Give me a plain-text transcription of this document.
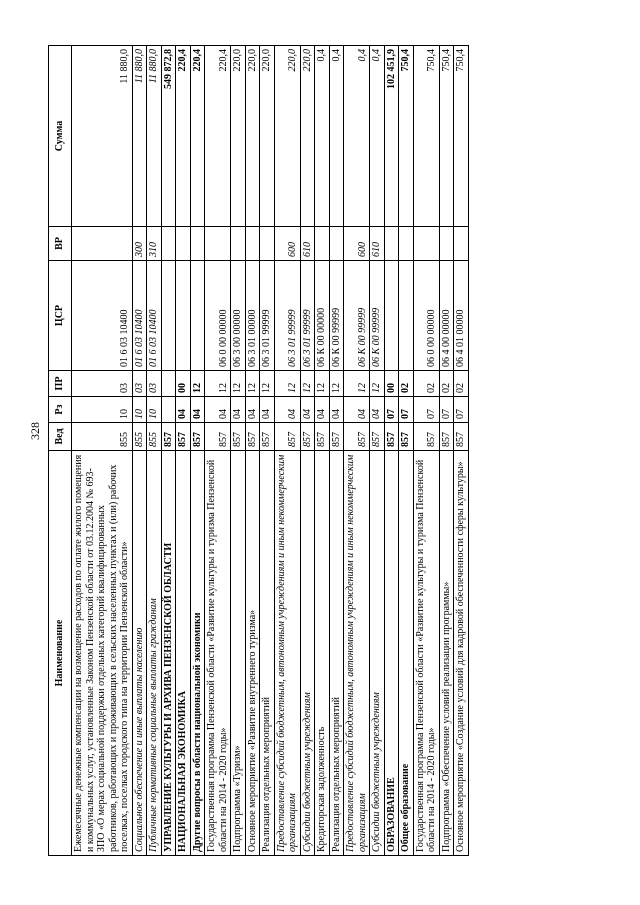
328
Наименование	Вед	Рз	ПР	ЦСР	ВР	Сумма
Ежемесячные денежные компенсации на возмещение расходов по оплате жилого помещения и коммунальных услуг, установленные Законом Пензенской области от 03.12.2004 № 693-ЗПО «О мерах социальной поддержки отдельных категорий квалифицированных работников, работающих и проживающих в сельских населенных пунктах и (или) рабочих поселках, поселках городского типа на территории Пензенской области»	855	10	03	01 6 03 10400		11 880,0
Социальное обеспечение и иные выплаты населению	855	10	03	01 6 03 10400	300	11 880,0
Публичные нормативные социальные выплаты гражданам	855	10	03	01 6 03 10400	310	11 880,0
УПРАВЛЕНИЕ КУЛЬТУРЫ И АРХИВА ПЕНЗЕНСКОЙ ОБЛАСТИ	857					549 872,8
НАЦИОНАЛЬНАЯ ЭКОНОМИКА	857	04	00			220,4
Другие вопросы в области национальной экономики	857	04	12			220,4
Государственная программа Пензенской области «Развитие культуры и туризма Пензенской области на 2014 - 2020 годы»	857	04	12	06 0 00 00000		220,4
Подпрограмма «Туризм»	857	04	12	06 3 00 00000		220,0
Основное мероприятие «Развитие внутреннего туризма»	857	04	12	06 3 01 00000		220,0
Реализация отдельных мероприятий	857	04	12	06 3 01 99999		220,0
Предоставление субсидий бюджетным, автономным учреждениям и иным некоммерческим организациям	857	04	12	06 3 01 99999	600	220,0
Субсидии бюджетным учреждениям	857	04	12	06 3 01 99999	610	220,0
Кредиторская задолженность	857	04	12	06 К 00 00000		0,4
Реализация отдельных мероприятий	857	04	12	06 К 00 99999		0,4
Предоставление субсидий бюджетным, автономным учреждениям и иным некоммерческим организациям	857	04	12	06 К 00 99999	600	0,4
Субсидии бюджетным учреждениям	857	04	12	06 К 00 99999	610	0,4
ОБРАЗОВАНИЕ	857	07	00			102 451,9
Общее образование	857	07	02			750,4
Государственная программа Пензенской области «Развитие культуры и туризма Пензенской области на 2014 - 2020 годы»	857	07	02	06 0 00 00000		750,4
Подпрограмма «Обеспечение условий реализации программы»	857	07	02	06 4 00 00000		750,4
Основное мероприятие «Создание условий для кадровой обеспеченности сферы культуры»	857	07	02	06 4 01 00000		750,4
